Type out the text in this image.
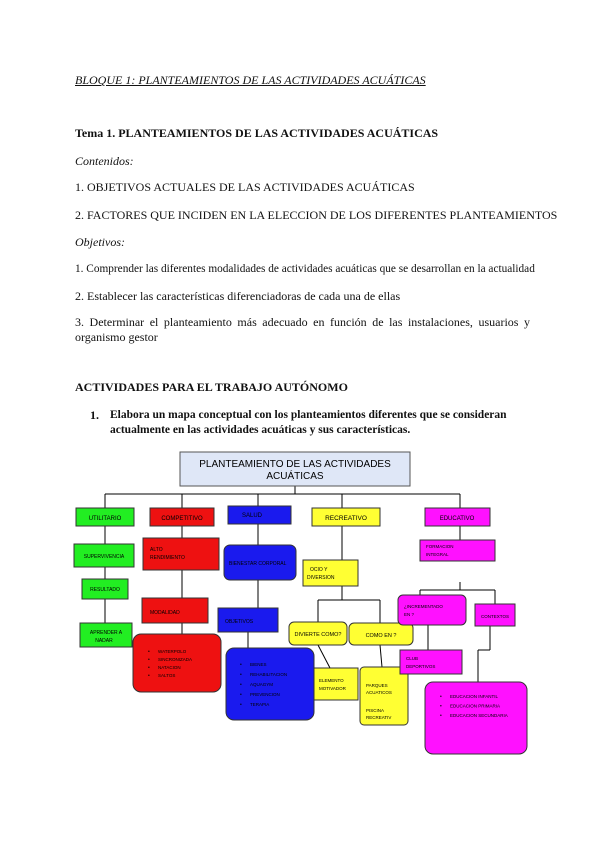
BLOQUE 1: PLANTEAMIENTOS DE LAS ACTIVIDADES ACUÁTICAS
Tema 1. PLANTEAMIENTOS DE LAS ACTIVIDADES ACUÁTICAS
Contenidos:
1. OBJETIVOS ACTUALES DE LAS ACTIVIDADES ACUÁTICAS
2. FACTORES QUE INCIDEN EN LA ELECCION DE LOS DIFERENTES PLANTEAMIENTOS
Objetivos:
1. Comprender las diferentes modalidades de actividades acuáticas que se desarrollan en la actualidad
2. Establecer las características diferenciadoras de cada una de ellas
3. Determinar el planteamiento más adecuado en función de las instalaciones, usuarios y organismo gestor
ACTIVIDADES PARA EL TRABAJO AUTÓNOMO
1. Elabora un mapa conceptual con los planteamientos diferentes que se consideran actualmente en las actividades acuáticas y sus características.
PLANTEAMIENTO DE LAS ACTIVIDADES
ACUÁTICAS
UTILITARIO	COMPETITIVO	SALUD	RECREATIVO	EDUCATIVO
SUPERVIVENCIA
RESULTADO
APRENDER A
NADAR
ALTO
RENDIMIENTO
MODALIDAD
• WATERPOLO
• SINCRONIZADA
• NATACION
• SALTOS
BIENESTAR CORPORAL
OBJETIVOS
• BIENES
• REHABILITACION
• AQUAGYM
• PREVENCION
• TERAPIA
OCIO Y
DIVERSION
DIVIERTE COMO?	COMO EN ?
ELEMENTO
MOTIVADOR
PARQUES
ACUATICOS
PISCINA
RECREATIV
FORMACION
INTEGRAL
¿INCREMENTADO
EN ?	CONTEXTOS
CLUB
DEPORTIVOS
• EDUCACION INFANTIL
• EDUCACION PRIMARIA
• EDUCACION SECUNDARIA
